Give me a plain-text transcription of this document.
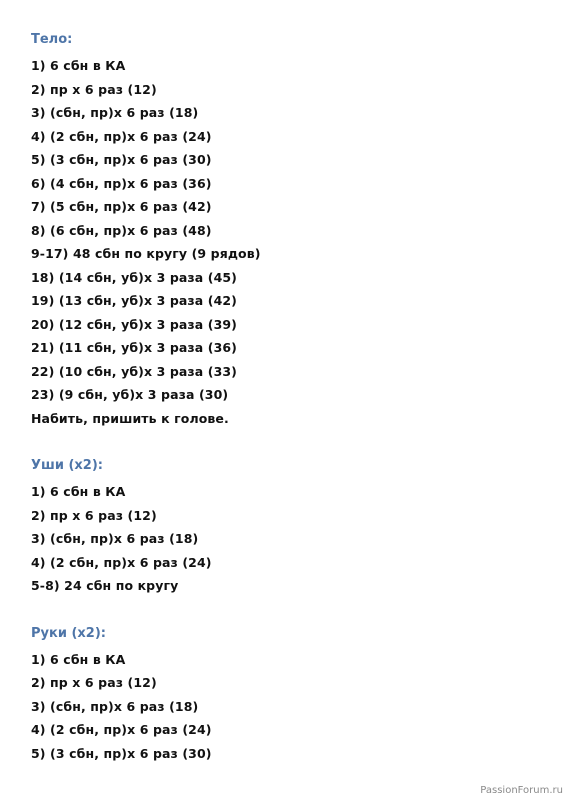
Тело:
1) 6 сбн в КА
2) пр х 6 раз (12)
3) (сбн, пр)х 6 раз (18)
4) (2 сбн, пр)х 6 раз (24)
5) (3 сбн, пр)х 6 раз (30)
6) (4 сбн, пр)х 6 раз (36)
7) (5 сбн, пр)х 6 раз (42)
8) (6 сбн, пр)х 6 раз (48)
9-17) 48 сбн по кругу (9 рядов)
18) (14 сбн, уб)х 3 раза (45)
19) (13 сбн, уб)х 3 раза (42)
20) (12 сбн, уб)х 3 раза (39)
21) (11 сбн, уб)х 3 раза (36)
22) (10 сбн, уб)х 3 раза (33)
23) (9 сбн, уб)х 3 раза (30)
Набить, пришить к голове.
Уши (х2):
1) 6 сбн в КА
2) пр х 6 раз (12)
3) (сбн, пр)х 6 раз (18)
4) (2 сбн, пр)х 6 раз (24)
5-8) 24 сбн по кругу
Руки (х2):
1) 6 сбн в КА
2) пр х 6 раз (12)
3) (сбн, пр)х 6 раз (18)
4) (2 сбн, пр)х 6 раз (24)
5) (3 сбн, пр)х 6 раз (30)
PassionForum.ru
